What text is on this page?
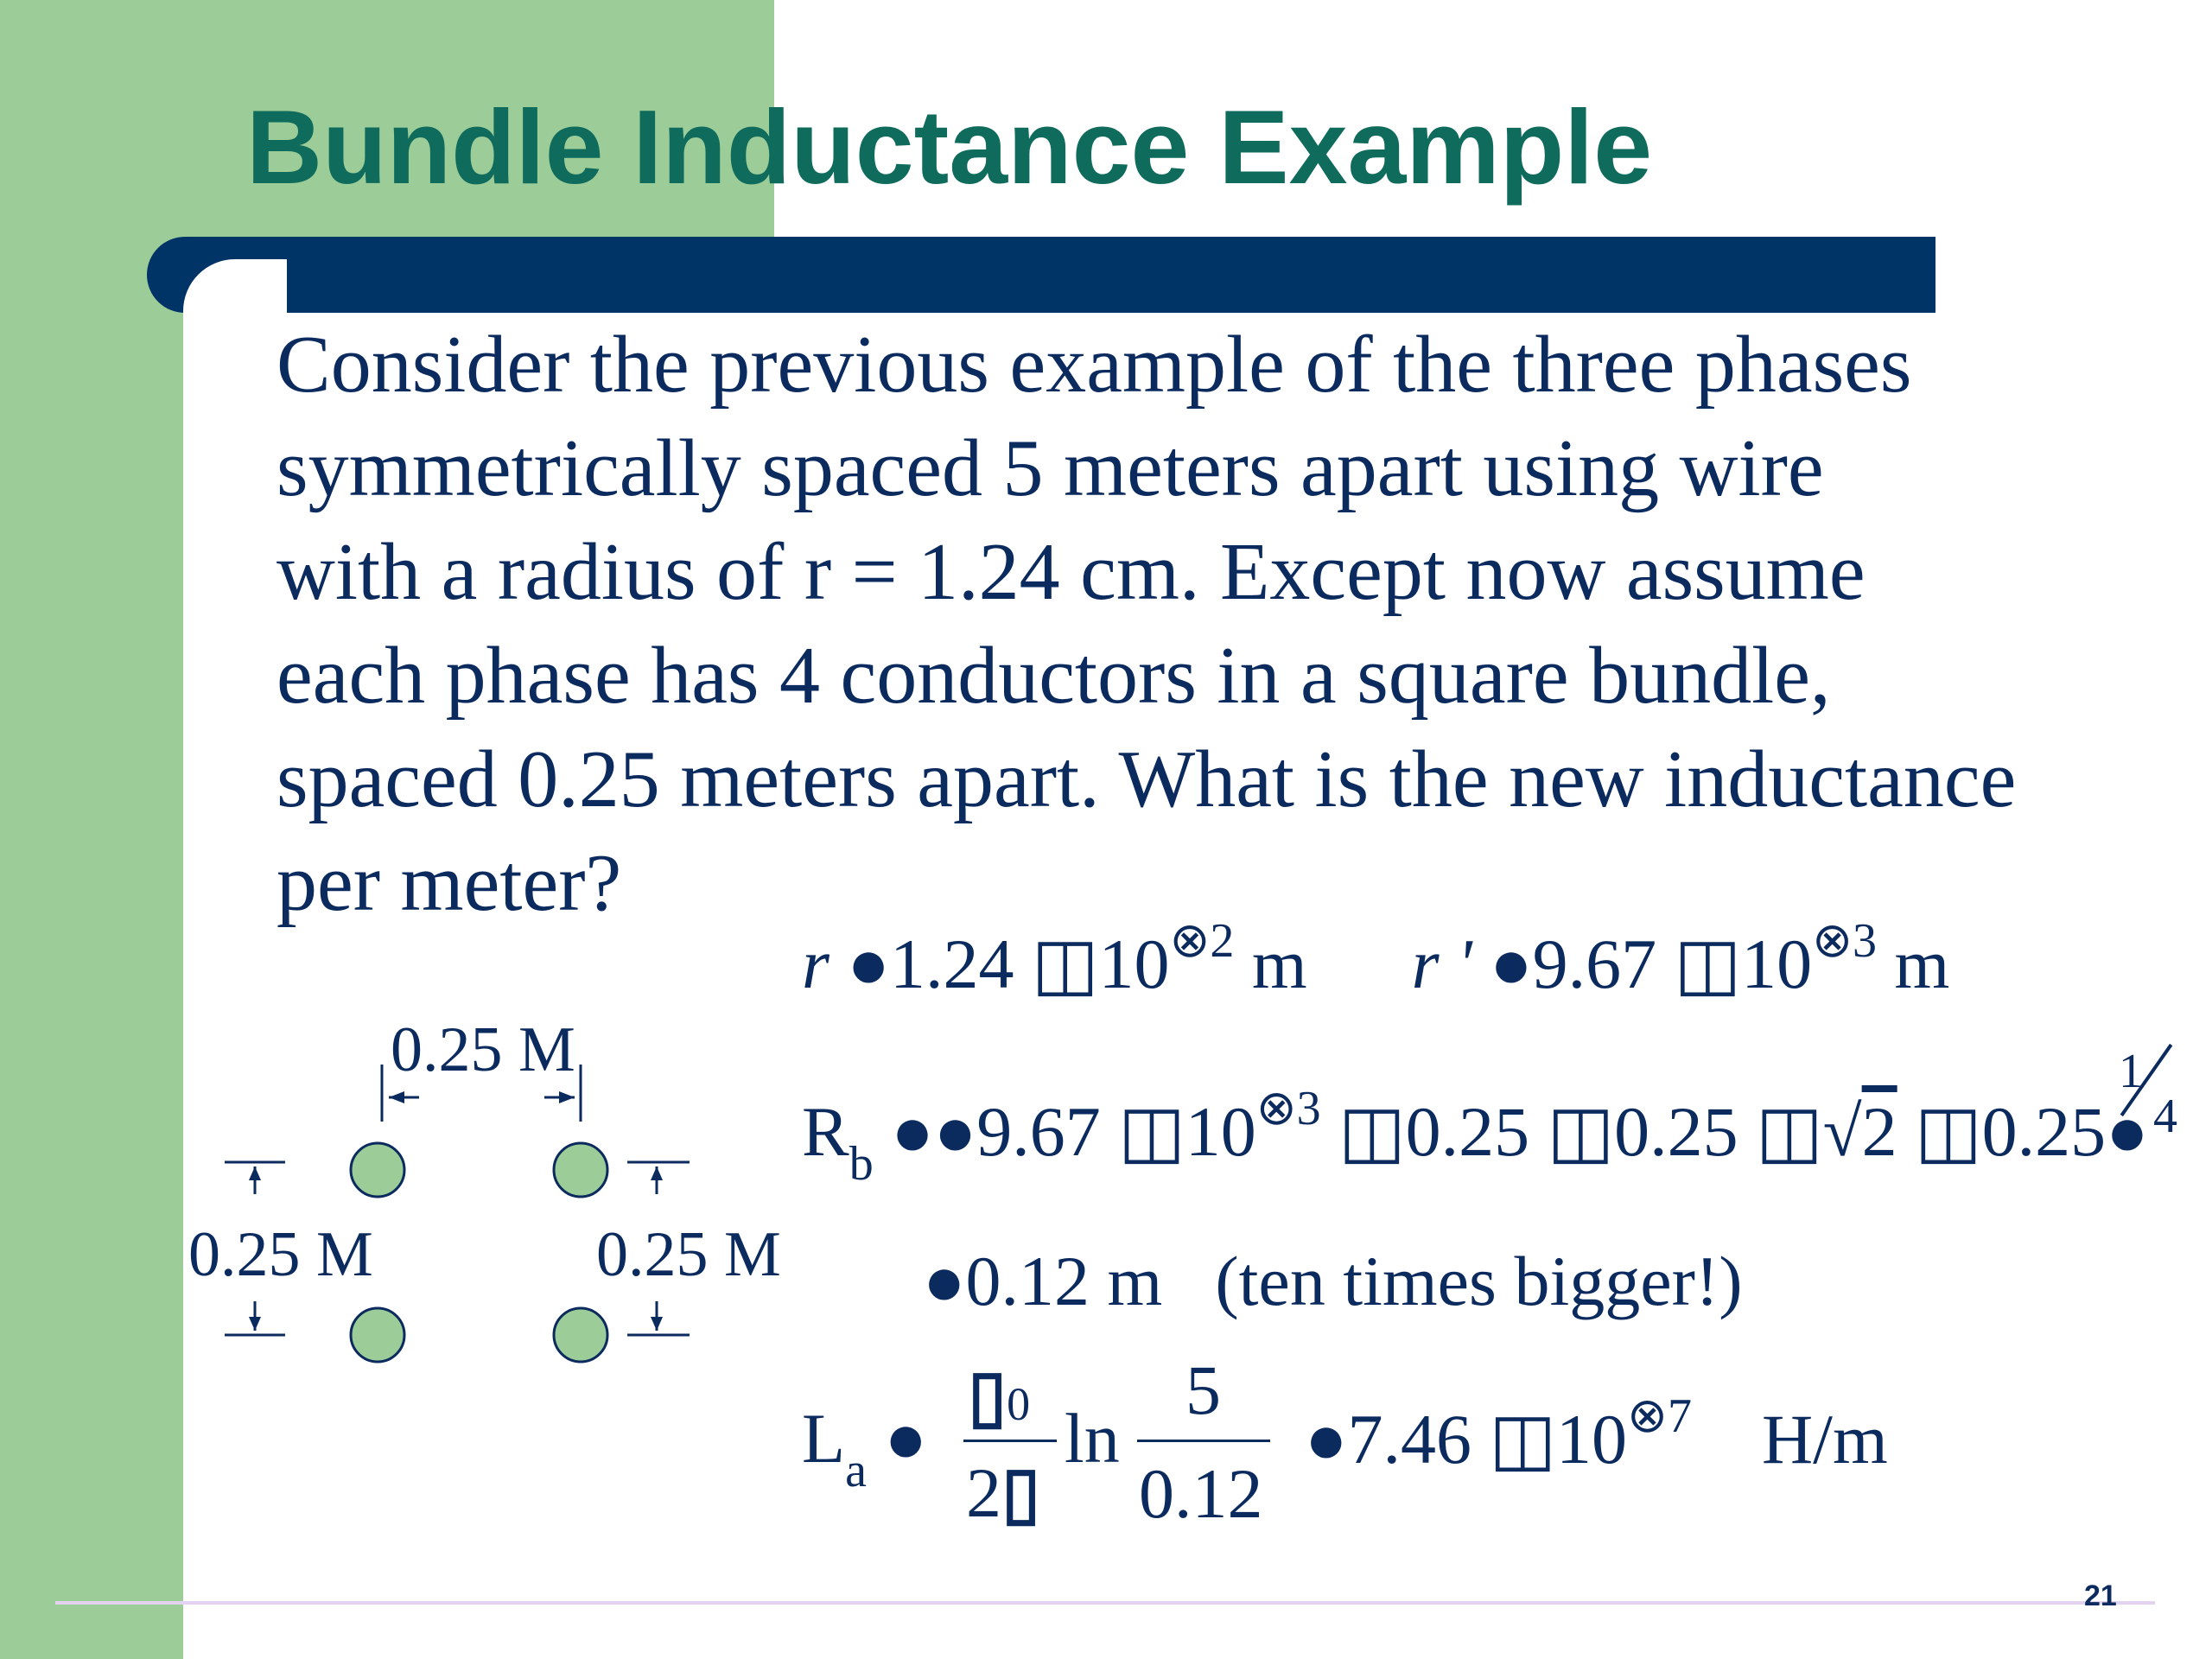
Bundle Inductance Example
Consider the previous example of the three phases
symmetrically spaced 5 meters apart using wire
with a radius of r = 1.24 cm. Except now assume
each phase has 4 conductors in a square bundle,
spaced 0.25 meters apart. What is the new inductance
per meter?
0.25 M
0.25 M	0.25 M
r ●1.24 $◫10^{\otimes 2}$ m r ' ●9.67 $◫10^{\otimes 3}$ m
$R_b$ ●●9.67 $◫10^{\otimes 3}$ ◫0.25 ◫0.25 ◫√2 ◫0.25●
1
4
●0.12 m (ten times bigger!)
$L_a$ ●
▯0
2▯
ln
5
0.12
●7.46 $◫10^{\otimes 7}$ H/m
21
